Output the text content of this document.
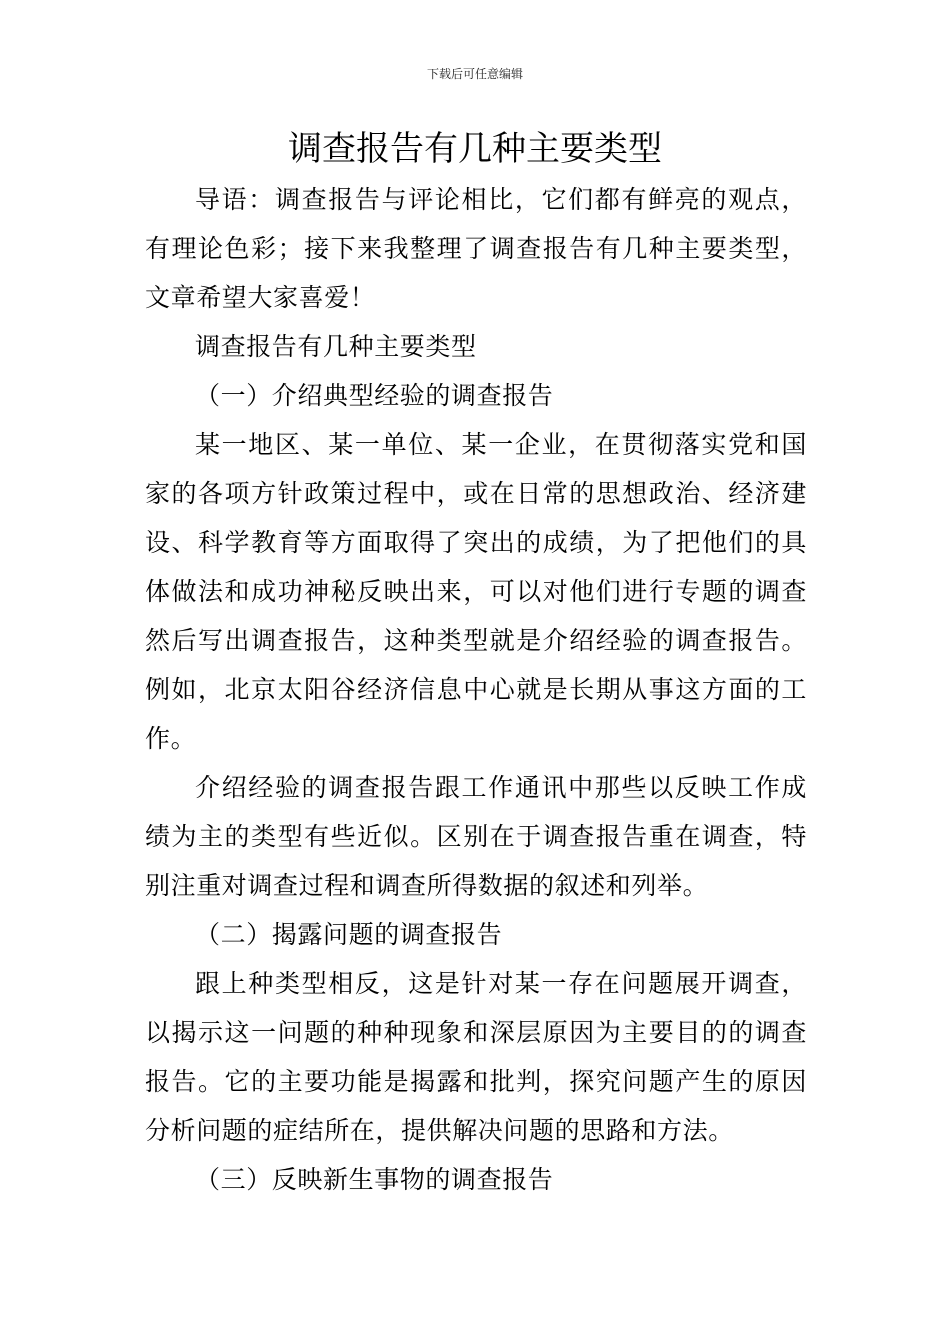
下载后可任意编辑
调查报告有几种主要类型

导语：调查报告与评论相比，它们都有鲜亮的观点，有理论色彩；接下来我整理了调查报告有几种主要类型，文章希望大家喜爱！

调查报告有几种主要类型

（一）介绍典型经验的调查报告

某一地区、某一单位、某一企业，在贯彻落实党和国家的各项方针政策过程中，或在日常的思想政治、经济建设、科学教育等方面取得了突出的成绩，为了把他们的具体做法和成功神秘反映出来，可以对他们进行专题的调查然后写出调查报告，这种类型就是介绍经验的调查报告。例如，北京太阳谷经济信息中心就是长期从事这方面的工作。

介绍经验的调查报告跟工作通讯中那些以反映工作成绩为主的类型有些近似。区别在于调查报告重在调查，特别注重对调查过程和调查所得数据的叙述和列举。

（二）揭露问题的调查报告

跟上种类型相反，这是针对某一存在问题展开调查，以揭示这一问题的种种现象和深层原因为主要目的的调查报告。它的主要功能是揭露和批判，探究问题产生的原因分析问题的症结所在，提供解决问题的思路和方法。

（三）反映新生事物的调查报告
